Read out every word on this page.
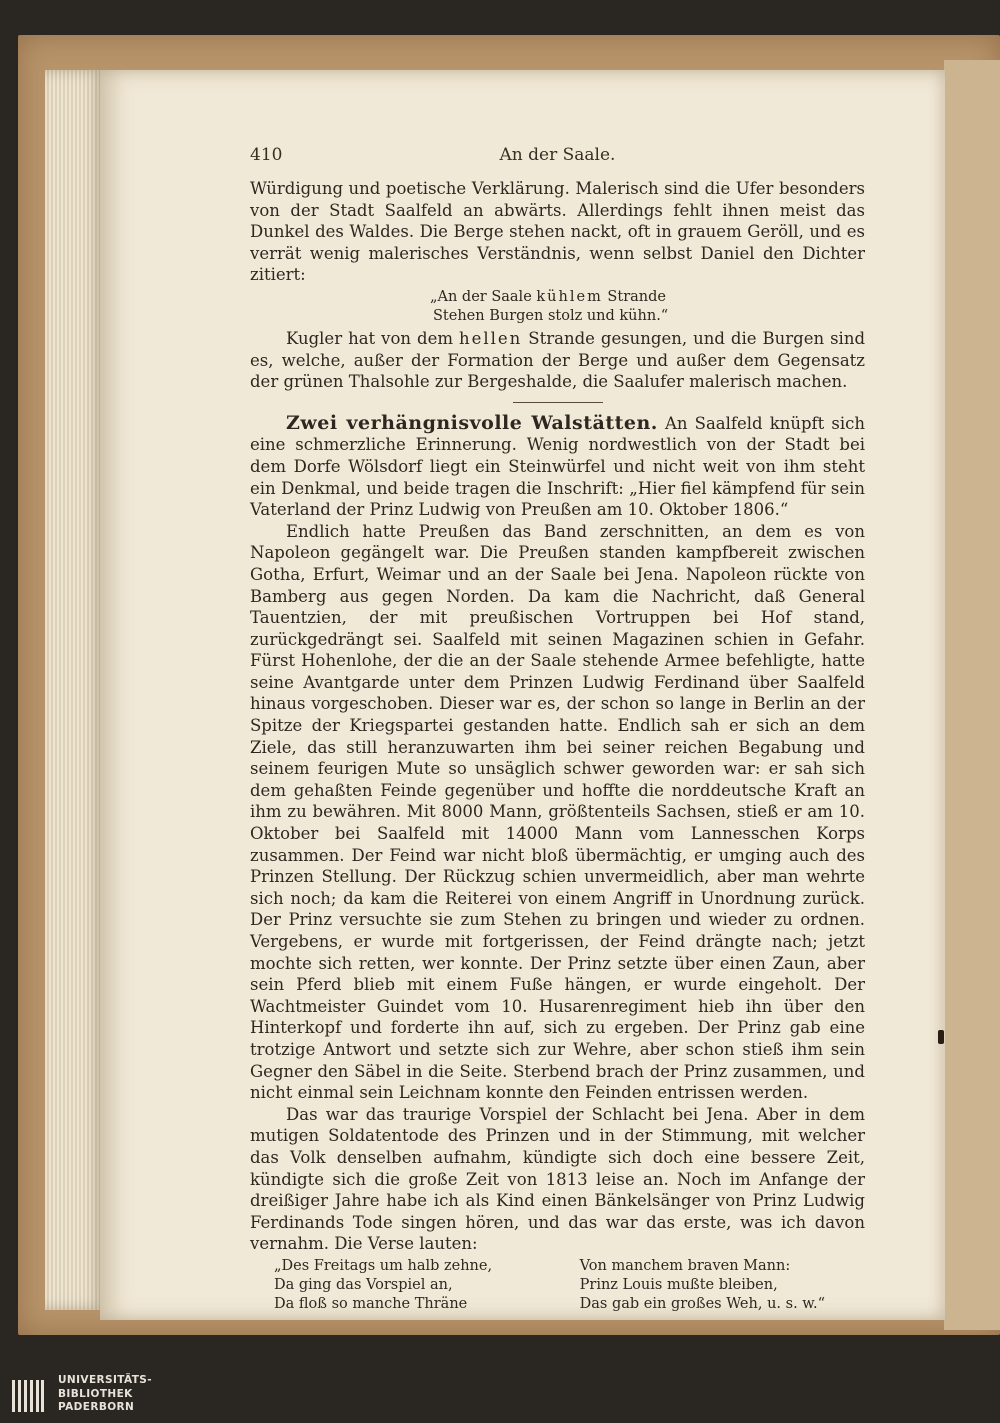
410	An der Saale.

Würdigung und poetische Verklärung. Malerisch sind die Ufer besonders von der Stadt Saalfeld an abwärts. Allerdings fehlt ihnen meist das Dunkel des Waldes. Die Berge stehen nackt, oft in grauem Geröll, und es verrät wenig malerisches Verständnis, wenn selbst Daniel den Dichter zitiert:

„An der Saale kühlem Strande
Stehen Burgen stolz und kühn.“

Kugler hat von dem hellen Strande gesungen, und die Burgen sind es, welche, außer der Formation der Berge und außer dem Gegensatz der grünen Thalsohle zur Bergeshalde, die Saalufer malerisch machen.

Zwei verhängnisvolle Walstätten. An Saalfeld knüpft sich eine schmerzliche Erinnerung. Wenig nordwestlich von der Stadt bei dem Dorfe Wölsdorf liegt ein Steinwürfel und nicht weit von ihm steht ein Denkmal, und beide tragen die Inschrift: „Hier fiel kämpfend für sein Vaterland der Prinz Ludwig von Preußen am 10. Oktober 1806.“

Endlich hatte Preußen das Band zerschnitten, an dem es von Napoleon gegängelt war. Die Preußen standen kampfbereit zwischen Gotha, Erfurt, Weimar und an der Saale bei Jena. Napoleon rückte von Bamberg aus gegen Norden. Da kam die Nachricht, daß General Tauentzien, der mit preußischen Vortruppen bei Hof stand, zurückgedrängt sei. Saalfeld mit seinen Magazinen schien in Gefahr. Fürst Hohenlohe, der die an der Saale stehende Armee befehligte, hatte seine Avantgarde unter dem Prinzen Ludwig Ferdinand über Saalfeld hinaus vorgeschoben. Dieser war es, der schon so lange in Berlin an der Spitze der Kriegspartei gestanden hatte. Endlich sah er sich an dem Ziele, das still heranzuwarten ihm bei seiner reichen Begabung und seinem feurigen Mute so unsäglich schwer geworden war: er sah sich dem gehaßten Feinde gegenüber und hoffte die norddeutsche Kraft an ihm zu bewähren. Mit 8000 Mann, größtenteils Sachsen, stieß er am 10. Oktober bei Saalfeld mit 14000 Mann vom Lannesschen Korps zusammen. Der Feind war nicht bloß übermächtig, er umging auch des Prinzen Stellung. Der Rückzug schien unvermeidlich, aber man wehrte sich noch; da kam die Reiterei von einem Angriff in Unordnung zurück. Der Prinz versuchte sie zum Stehen zu bringen und wieder zu ordnen. Vergebens, er wurde mit fortgerissen, der Feind drängte nach; jetzt mochte sich retten, wer konnte. Der Prinz setzte über einen Zaun, aber sein Pferd blieb mit einem Fuße hängen, er wurde eingeholt. Der Wachtmeister Guindet vom 10. Husarenregiment hieb ihn über den Hinterkopf und forderte ihn auf, sich zu ergeben. Der Prinz gab eine trotzige Antwort und setzte sich zur Wehre, aber schon stieß ihm sein Gegner den Säbel in die Seite. Sterbend brach der Prinz zusammen, und nicht einmal sein Leichnam konnte den Feinden entrissen werden.

Das war das traurige Vorspiel der Schlacht bei Jena. Aber in dem mutigen Soldatentode des Prinzen und in der Stimmung, mit welcher das Volk denselben aufnahm, kündigte sich doch eine bessere Zeit, kündigte sich die große Zeit von 1813 leise an. Noch im Anfange der dreißiger Jahre habe ich als Kind einen Bänkelsänger von Prinz Ludwig Ferdinands Tode singen hören, und das war das erste, was ich davon vernahm. Die Verse lauten:

„Des Freitags um halb zehne,
Da ging das Vorspiel an,
Da floß so manche Thräne
Von manchem braven Mann:
Prinz Louis mußte bleiben,
Das gab ein großes Weh, u. s. w.“
UNIVERSITÄTS-
BIBLIOTHEK
PADERBORN
